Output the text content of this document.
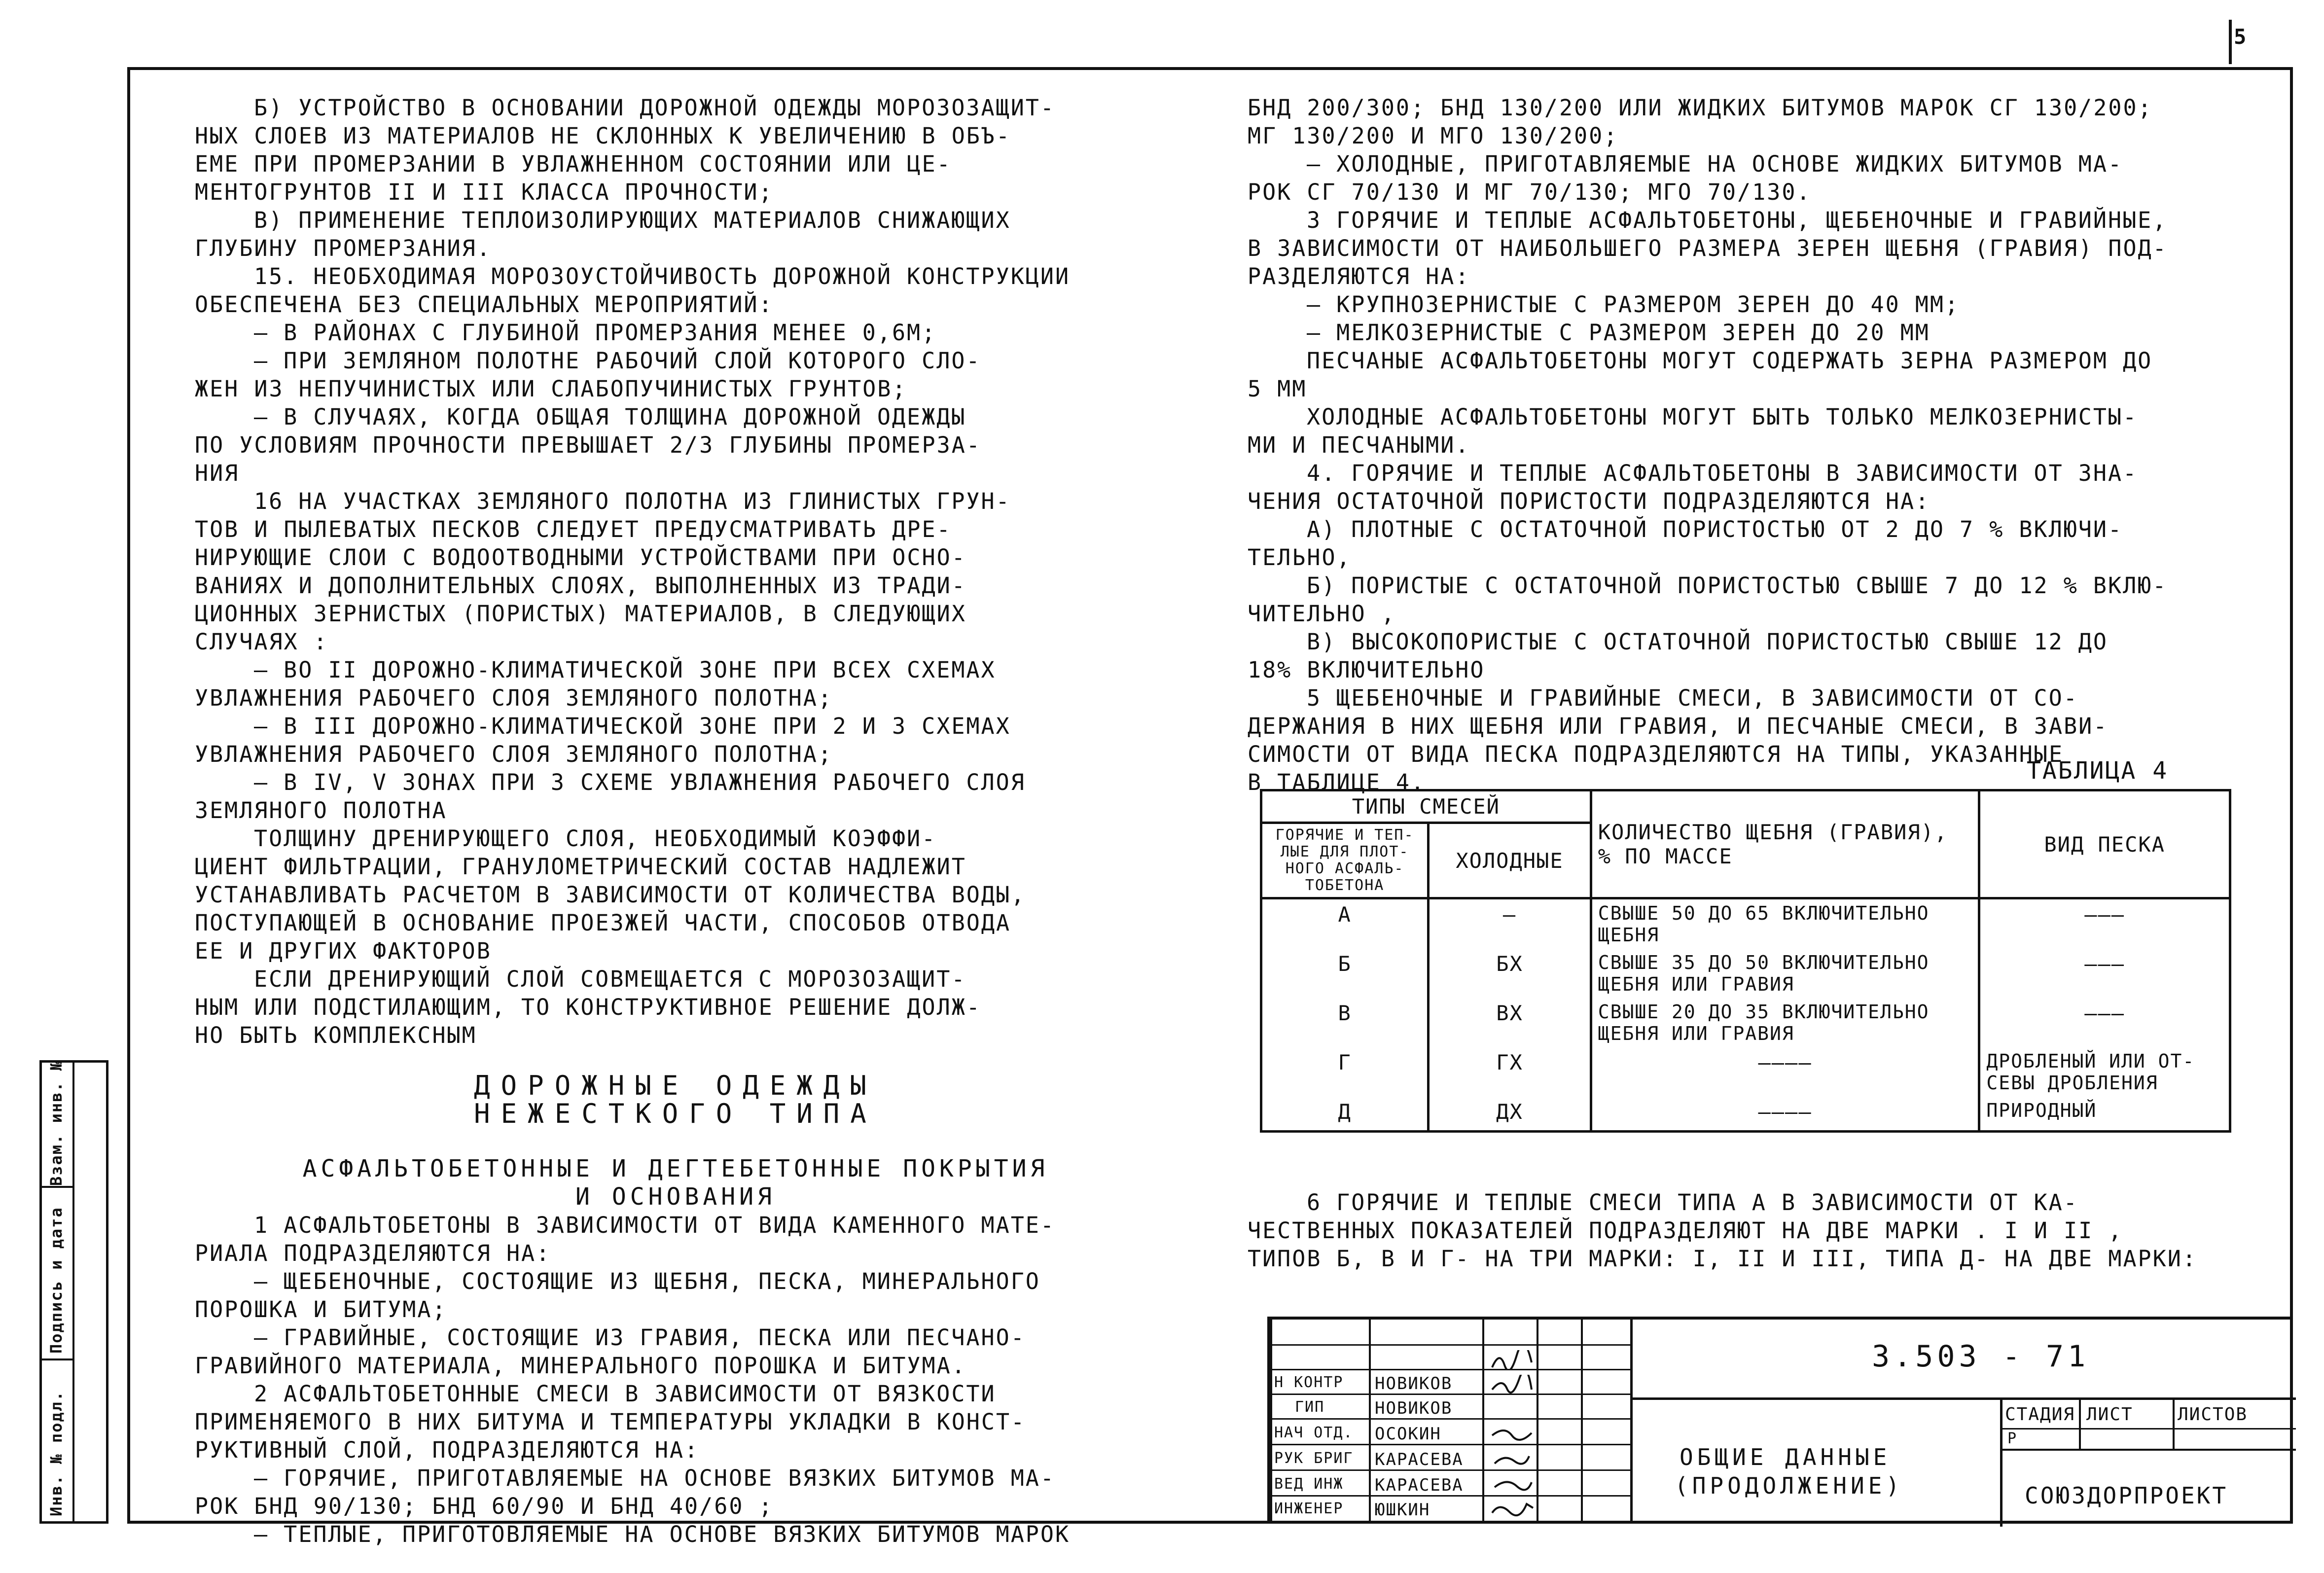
5
Взам. инв. №
Подпись и дата
Инв. № подл.

Б) УСТРОЙСТВО В ОСНОВАНИИ ДОРОЖНОЙ ОДЕЖДЫ МОРОЗОЗАЩИТ-

НЫХ СЛОЕВ ИЗ МАТЕРИАЛОВ НЕ СКЛОННЫХ К УВЕЛИЧЕНИЮ В ОБЪ-

ЕМЕ ПРИ ПРОМЕРЗАНИИ В УВЛАЖНЕННОМ СОСТОЯНИИ ИЛИ ЦЕ-

МЕНТОГРУНТОВ II И III КЛАССА ПРОЧНОСТИ;

В) ПРИМЕНЕНИЕ ТЕПЛОИЗОЛИРУЮЩИХ МАТЕРИАЛОВ СНИЖАЮЩИХ

ГЛУБИНУ ПРОМЕРЗАНИЯ.

15. НЕОБХОДИМАЯ МОРОЗОУСТОЙЧИВОСТЬ ДОРОЖНОЙ КОНСТРУКЦИИ

ОБЕСПЕЧЕНА БЕЗ СПЕЦИАЛЬНЫХ МЕРОПРИЯТИЙ:

— В РАЙОНАХ С ГЛУБИНОЙ ПРОМЕРЗАНИЯ МЕНЕЕ 0,6М;

— ПРИ ЗЕМЛЯНОМ ПОЛОТНЕ РАБОЧИЙ СЛОЙ КОТОРОГО СЛО-

ЖЕН ИЗ НЕПУЧИНИСТЫХ ИЛИ СЛАБОПУЧИНИСТЫХ ГРУНТОВ;

— В СЛУЧАЯХ, КОГДА ОБЩАЯ ТОЛЩИНА ДОРОЖНОЙ ОДЕЖДЫ

ПО УСЛОВИЯМ ПРОЧНОСТИ ПРЕВЫШАЕТ 2/3 ГЛУБИНЫ ПРОМЕРЗА-

НИЯ

16 НА УЧАСТКАХ ЗЕМЛЯНОГО ПОЛОТНА ИЗ ГЛИНИСТЫХ ГРУН-

ТОВ И ПЫЛЕВАТЫХ ПЕСКОВ СЛЕДУЕТ ПРЕДУСМАТРИВАТЬ ДРЕ-

НИРУЮЩИЕ СЛОИ С ВОДООТВОДНЫМИ УСТРОЙСТВАМИ ПРИ ОСНО-

ВАНИЯХ И ДОПОЛНИТЕЛЬНЫХ СЛОЯХ, ВЫПОЛНЕННЫХ ИЗ ТРАДИ-

ЦИОННЫХ ЗЕРНИСТЫХ (ПОРИСТЫХ) МАТЕРИАЛОВ, В СЛЕДУЮЩИХ

СЛУЧАЯХ :

— ВО II ДОРОЖНО-КЛИМАТИЧЕСКОЙ ЗОНЕ ПРИ ВСЕХ СХЕМАХ

УВЛАЖНЕНИЯ РАБОЧЕГО СЛОЯ ЗЕМЛЯНОГО ПОЛОТНА;

— В III ДОРОЖНО-КЛИМАТИЧЕСКОЙ ЗОНЕ ПРИ 2 И 3 СХЕМАХ

УВЛАЖНЕНИЯ РАБОЧЕГО СЛОЯ ЗЕМЛЯНОГО ПОЛОТНА;

— В IV, V ЗОНАХ ПРИ 3 СХЕМЕ УВЛАЖНЕНИЯ РАБОЧЕГО СЛОЯ

ЗЕМЛЯНОГО ПОЛОТНА

ТОЛЩИНУ ДРЕНИРУЮЩЕГО СЛОЯ, НЕОБХОДИМЫЙ КОЭФФИ-

ЦИЕНТ ФИЛЬТРАЦИИ, ГРАНУЛОМЕТРИЧЕСКИЙ СОСТАВ НАДЛЕЖИТ

УСТАНАВЛИВАТЬ РАСЧЕТОМ В ЗАВИСИМОСТИ ОТ КОЛИЧЕСТВА ВОДЫ,

ПОСТУПАЮЩЕЙ В ОСНОВАНИЕ ПРОЕЗЖЕЙ ЧАСТИ, СПОСОБОВ ОТВОДА

ЕЕ И ДРУГИХ ФАКТОРОВ

ЕСЛИ ДРЕНИРУЮЩИЙ СЛОЙ СОВМЕЩАЕТСЯ С МОРОЗОЗАЩИТ-

НЫМ ИЛИ ПОДСТИЛАЮЩИМ, ТО КОНСТРУКТИВНОЕ РЕШЕНИЕ ДОЛЖ-

НО БЫТЬ КОМПЛЕКСНЫМ

ДОРОЖНЫЕ ОДЕЖДЫ

НЕЖЕСТКОГО ТИПА

АСФАЛЬТОБЕТОННЫЕ И ДЕГТЕБЕТОННЫЕ ПОКРЫТИЯ

И ОСНОВАНИЯ

1 АСФАЛЬТОБЕТОНЫ В ЗАВИСИМОСТИ ОТ ВИДА КАМЕННОГО МАТЕ-

РИАЛА ПОДРАЗДЕЛЯЮТСЯ НА:

— ЩЕБЕНОЧНЫЕ, СОСТОЯЩИЕ ИЗ ЩЕБНЯ, ПЕСКА, МИНЕРАЛЬНОГО

ПОРОШКА И БИТУМА;

— ГРАВИЙНЫЕ, СОСТОЯЩИЕ ИЗ ГРАВИЯ, ПЕСКА ИЛИ ПЕСЧАНО-

ГРАВИЙНОГО МАТЕРИАЛА, МИНЕРАЛЬНОГО ПОРОШКА И БИТУМА.

2 АСФАЛЬТОБЕТОННЫЕ СМЕСИ В ЗАВИСИМОСТИ ОТ ВЯЗКОСТИ

ПРИМЕНЯЕМОГО В НИХ БИТУМА И ТЕМПЕРАТУРЫ УКЛАДКИ В КОНСТ-

РУКТИВНЫЙ СЛОЙ, ПОДРАЗДЕЛЯЮТСЯ НА:

— ГОРЯЧИЕ, ПРИГОТАВЛЯЕМЫЕ НА ОСНОВЕ ВЯЗКИХ БИТУМОВ МА-

РОК БНД 90/130; БНД 60/90 И БНД 40/60 ;

— ТЕПЛЫЕ, ПРИГОТОВЛЯЕМЫЕ НА ОСНОВЕ ВЯЗКИХ БИТУМОВ МАРОК

БНД 200/300; БНД 130/200 ИЛИ ЖИДКИХ БИТУМОВ МАРОК СГ 130/200;

МГ 130/200 И МГО 130/200;

— ХОЛОДНЫЕ, ПРИГОТАВЛЯЕМЫЕ НА ОСНОВЕ ЖИДКИХ БИТУМОВ МА-

РОК СГ 70/130 И МГ 70/130; МГО 70/130.

3 ГОРЯЧИЕ И ТЕПЛЫЕ АСФАЛЬТОБЕТОНЫ, ЩЕБЕНОЧНЫЕ И ГРАВИЙНЫЕ,

В ЗАВИСИМОСТИ ОТ НАИБОЛЬШЕГО РАЗМЕРА ЗЕРЕН ЩЕБНЯ (ГРАВИЯ) ПОД-

РАЗДЕЛЯЮТСЯ НА:

— КРУПНОЗЕРНИСТЫЕ С РАЗМЕРОМ ЗЕРЕН ДО 40 ММ;

— МЕЛКОЗЕРНИСТЫЕ С РАЗМЕРОМ ЗЕРЕН ДО 20 ММ

ПЕСЧАНЫЕ АСФАЛЬТОБЕТОНЫ МОГУТ СОДЕРЖАТЬ ЗЕРНА РАЗМЕРОМ ДО

5 ММ

ХОЛОДНЫЕ АСФАЛЬТОБЕТОНЫ МОГУТ БЫТЬ ТОЛЬКО МЕЛКОЗЕРНИСТЫ-

МИ И ПЕСЧАНЫМИ.

4. ГОРЯЧИЕ И ТЕПЛЫЕ АСФАЛЬТОБЕТОНЫ В ЗАВИСИМОСТИ ОТ ЗНА-

ЧЕНИЯ ОСТАТОЧНОЙ ПОРИСТОСТИ ПОДРАЗДЕЛЯЮТСЯ НА:

А) ПЛОТНЫЕ С ОСТАТОЧНОЙ ПОРИСТОСТЬЮ ОТ 2 ДО 7 % ВКЛЮЧИ-

ТЕЛЬНО,

Б) ПОРИСТЫЕ С ОСТАТОЧНОЙ ПОРИСТОСТЬЮ СВЫШЕ 7 ДО 12 % ВКЛЮ-

ЧИТЕЛЬНО ,

В) ВЫСОКОПОРИСТЫЕ С ОСТАТОЧНОЙ ПОРИСТОСТЬЮ СВЫШЕ 12 ДО

18% ВКЛЮЧИТЕЛЬНО

5 ЩЕБЕНОЧНЫЕ И ГРАВИЙНЫЕ СМЕСИ, В ЗАВИСИМОСТИ ОТ СО-

ДЕРЖАНИЯ В НИХ ЩЕБНЯ ИЛИ ГРАВИЯ, И ПЕСЧАНЫЕ СМЕСИ, В ЗАВИ-

СИМОСТИ ОТ ВИДА ПЕСКА ПОДРАЗДЕЛЯЮТСЯ НА ТИПЫ, УКАЗАННЫЕ

В ТАБЛИЦЕ 4.	ТАБЛИЦА 4
ТИПЫ СМЕСЕЙ		КОЛИЧЕСТВО ЩЕБНЯ (ГРАВИЯ), % ПО МАССЕ	ВИД ПЕСКА
ГОРЯЧИЕ И ТЕП-ЛЫЕ ДЛЯ ПЛОТ-НОГО АСФАЛЬ-ТОБЕТОНА	ХОЛОДНЫЕ		
А	—	СВЫШЕ 50 ДО 65 ВКЛЮЧИТЕЛЬНО ЩЕБНЯ	———
Б	БХ	СВЫШЕ 35 ДО 50 ВКЛЮЧИТЕЛЬНО ЩЕБНЯ ИЛИ ГРАВИЯ	———
В	ВХ	СВЫШЕ 20 ДО 35 ВКЛЮЧИТЕЛЬНО ЩЕБНЯ ИЛИ ГРАВИЯ	———
Г	ГХ	————	ДРОБЛЕНЫЙ ИЛИ ОТ-СЕВЫ ДРОБЛЕНИЯ
Д	ДХ	————	ПРИРОДНЫЙ

6 ГОРЯЧИЕ И ТЕПЛЫЕ СМЕСИ ТИПА А В ЗАВИСИМОСТИ ОТ КА-

ЧЕСТВЕННЫХ ПОКАЗАТЕЛЕЙ ПОДРАЗДЕЛЯЮТ НА ДВЕ МАРКИ . I И II ,

ТИПОВ Б, В И Г- НА ТРИ МАРКИ: I, II И III, ТИПА Д- НА ДВЕ МАРКИ:

3.503 - 71
ОБЩИЕ ДАННЫЕ
(ПРОДОЛЖЕНИЕ)	СОЮЗДОРПРОЕКТ
СТАДИЯ ЛИСТ	ЛИСТОВ
Р
Н КОНТР НОВИКОВ
ГИП	НОВИКОВ
НАЧ ОТД. ОСОКИН
РУК БРИГ КАРАСЕВА
ВЕД ИНЖ КАРАСЕВА
ИНЖЕНЕР ЮШКИН
